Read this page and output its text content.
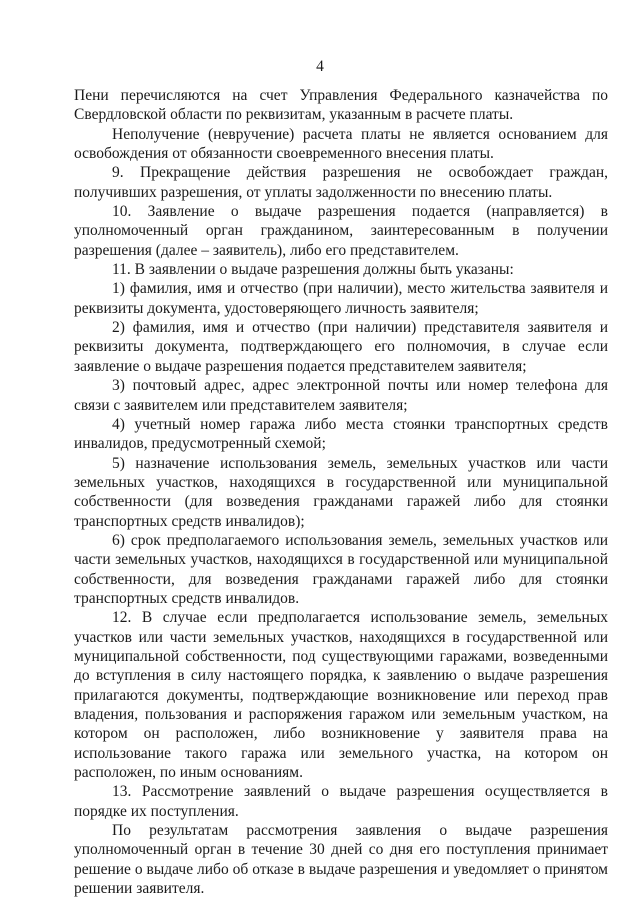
4

Пени перечисляются на счет Управления Федерального казначейства по Свердловской области по реквизитам, указанным в расчете платы.

Неполучение (невручение) расчета платы не является основанием для освобождения от обязанности своевременного внесения платы.

9. Прекращение действия разрешения не освобождает граждан, получивших разрешения, от уплаты задолженности по внесению платы.

10. Заявление о выдаче разрешения подается (направляется) в уполномоченный орган гражданином, заинтересованным в получении разрешения (далее – заявитель), либо его представителем.

11. В заявлении о выдаче разрешения должны быть указаны:

1) фамилия, имя и отчество (при наличии), место жительства заявителя и реквизиты документа, удостоверяющего личность заявителя;

2) фамилия, имя и отчество (при наличии) представителя заявителя и реквизиты документа, подтверждающего его полномочия, в случае если заявление о выдаче разрешения подается представителем заявителя;

3) почтовый адрес, адрес электронной почты или номер телефона для связи с заявителем или представителем заявителя;

4) учетный номер гаража либо места стоянки транспортных средств инвалидов, предусмотренный схемой;

5) назначение использования земель, земельных участков или части земельных участков, находящихся в государственной или муниципальной собственности (для возведения гражданами гаражей либо для стоянки транспортных средств инвалидов);

6) срок предполагаемого использования земель, земельных участков или части земельных участков, находящихся в государственной или муниципальной собственности, для возведения гражданами гаражей либо для стоянки транспортных средств инвалидов.

12. В случае если предполагается использование земель, земельных участков или части земельных участков, находящихся в государственной или муниципальной собственности, под существующими гаражами, возведенными до вступления в силу настоящего порядка, к заявлению о выдаче разрешения прилагаются документы, подтверждающие возникновение или переход прав владения, пользования и распоряжения гаражом или земельным участком, на котором он расположен, либо возникновение у заявителя права на использование такого гаража или земельного участка, на котором он расположен, по иным основаниям.

13. Рассмотрение заявлений о выдаче разрешения осуществляется в порядке их поступления.

По результатам рассмотрения заявления о выдаче разрешения уполномоченный орган в течение 30 дней со дня его поступления принимает решение о выдаче либо об отказе в выдаче разрешения и уведомляет о принятом решении заявителя.
